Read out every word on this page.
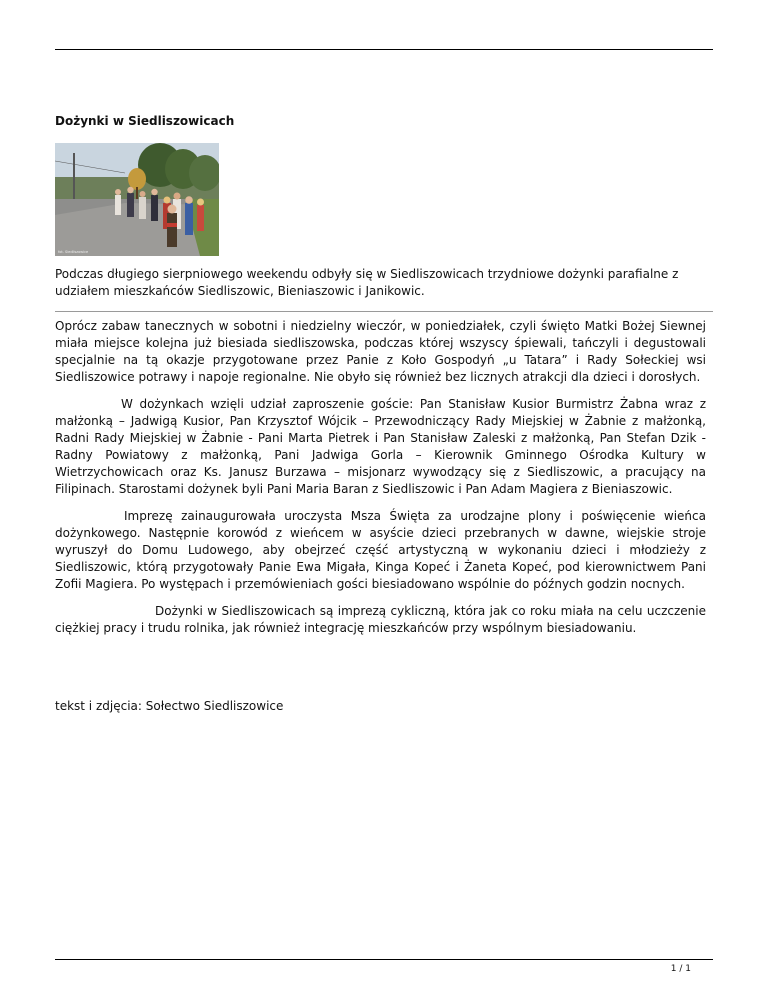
Dożynki w Siedliszowicach
fot. Siedliszowice

Podczas długiego sierpniowego weekendu odbyły się w Siedliszowicach trzydniowe dożynki parafialne z udziałem mieszkańców Siedliszowic, Bieniaszowic i Janikowic.

Oprócz zabaw tanecznych w sobotni i niedzielny wieczór, w poniedziałek, czyli święto Matki Bożej Siewnej miała miejsce kolejna już biesiada siedliszowska, podczas której wszyscy śpiewali, tańczyli i degustowali specjalnie na tą okazje przygotowane przez Panie z Koło Gospodyń „u Tatara” i Rady Sołeckiej wsi Siedliszowice potrawy i napoje regionalne. Nie obyło się również bez licznych atrakcji dla dzieci i dorosłych.

W dożynkach wzięli udział zaproszenie goście: Pan Stanisław Kusior Burmistrz Żabna wraz z małżonką – Jadwigą Kusior, Pan Krzysztof Wójcik – Przewodniczący Rady Miejskiej w Żabnie z małżonką, Radni Rady Miejskiej w Żabnie - Pani Marta Pietrek i Pan Stanisław Zaleski z małżonką, Pan Stefan Dzik - Radny Powiatowy z małżonką, Pani Jadwiga Gorla – Kierownik Gminnego Ośrodka Kultury w Wietrzychowicach oraz Ks. Janusz Burzawa – misjonarz wywodzący się z Siedliszowic, a pracujący na Filipinach. Starostami dożynek byli Pani Maria Baran z Siedliszowic i Pan Adam Magiera z Bieniaszowic.

Imprezę zainaugurowała uroczysta Msza Święta za urodzajne plony i poświęcenie wieńca dożynkowego. Następnie korowód z wieńcem w asyście dzieci przebranych w dawne, wiejskie stroje wyruszył do Domu Ludowego, aby obejrzeć część artystyczną w wykonaniu dzieci i młodzieży z Siedliszowic, którą przygotowały Panie Ewa Migała, Kinga Kopeć i Żaneta Kopeć, pod kierownictwem Pani Zofii Magiera. Po występach i przemówieniach gości biesiadowano wspólnie do późnych godzin nocnych.

Dożynki w Siedliszowicach są imprezą cykliczną, która jak co roku miała na celu uczczenie ciężkiej pracy i trudu rolnika, jak również integrację mieszkańców przy wspólnym biesiadowaniu.

tekst i zdjęcia: Sołectwo Siedliszowice

1 / 1
